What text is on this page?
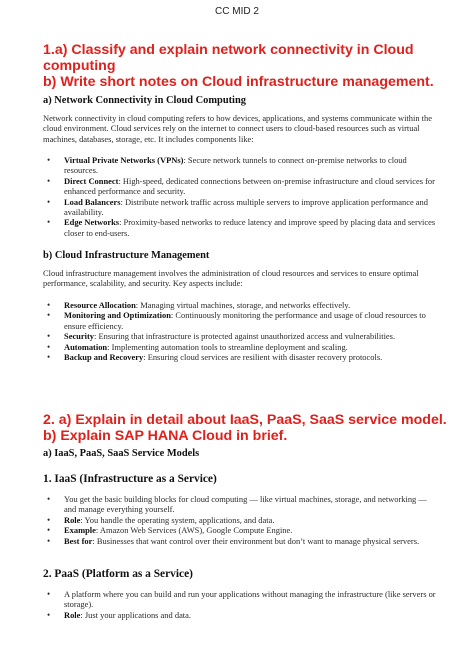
CC MID 2
1.a) Classify and explain network connectivity in Cloud
computing
b) Write short notes on Cloud infrastructure management.
a) Network Connectivity in Cloud Computing

Network connectivity in cloud computing refers to how devices, applications, and systems communicate within the cloud environment. Cloud services rely on the internet to connect users to cloud-based resources such as virtual machines, databases, storage, etc. It includes components like:

• Virtual Private Networks (VPNs): Secure network tunnels to connect on-premise networks to cloud resources.
• Direct Connect: High-speed, dedicated connections between on-premise infrastructure and cloud services for enhanced performance and security.
• Load Balancers: Distribute network traffic across multiple servers to improve application performance and availability.
• Edge Networks: Proximity-based networks to reduce latency and improve speed by placing data and services closer to end-users.
b) Cloud Infrastructure Management

Cloud infrastructure management involves the administration of cloud resources and services to ensure optimal performance, scalability, and security. Key aspects include:

• Resource Allocation: Managing virtual machines, storage, and networks effectively.
• Monitoring and Optimization: Continuously monitoring the performance and usage of cloud resources to ensure efficiency.
• Security: Ensuring that infrastructure is protected against unauthorized access and vulnerabilities.
• Automation: Implementing automation tools to streamline deployment and scaling.
• Backup and Recovery: Ensuring cloud services are resilient with disaster recovery protocols.
2. a) Explain in detail about IaaS, PaaS, SaaS service model.
b) Explain SAP HANA Cloud in brief.
a) IaaS, PaaS, SaaS Service Models
1. IaaS (Infrastructure as a Service)
• You get the basic building blocks for cloud computing — like virtual machines, storage, and networking — and manage everything yourself.
• Role: You handle the operating system, applications, and data.
• Example: Amazon Web Services (AWS), Google Compute Engine.
• Best for: Businesses that want control over their environment but don’t want to manage physical servers.
2. PaaS (Platform as a Service)
• A platform where you can build and run your applications without managing the infrastructure (like servers or storage).
• Role: Just your applications and data.
